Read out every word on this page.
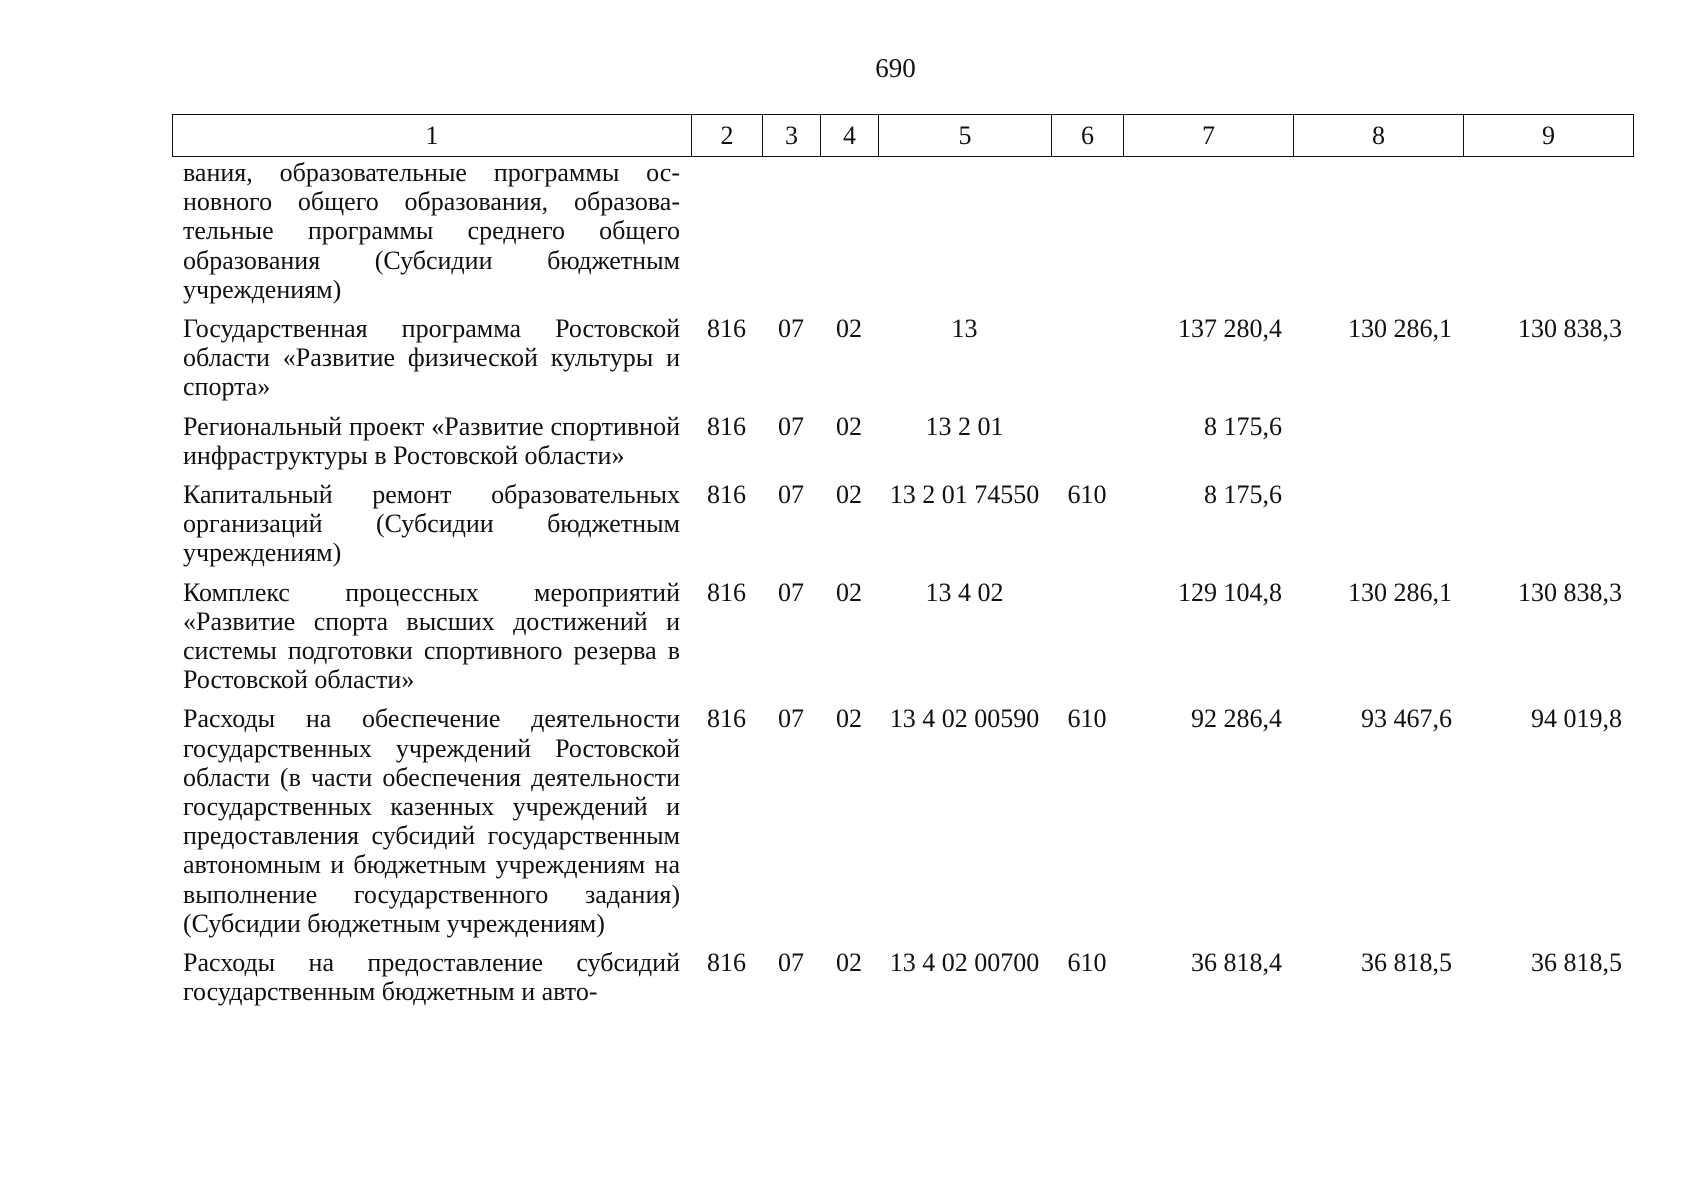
690
1	2	3	4	5	6	7	8	9
вания, образовательные программы основного общего образования, образовательные программы среднего общего образования (Субсидии бюджетным учреждениям)								
Государственная программа Ростовской области «Развитие физической культуры и спорта»	816	07	02	13		137 280,4	130 286,1	130 838,3
Региональный проект «Развитие спортивной инфраструктуры в Ростовской области»	816	07	02	13 2 01		8 175,6		
Капитальный ремонт образовательных организаций (Субсидии бюджетным учреждениям)	816	07	02	13 2 01 74550	610	8 175,6		
Комплекс процессных мероприятий «Развитие спорта высших достижений и системы подготовки спортивного резерва в Ростовской области»	816	07	02	13 4 02		129 104,8	130 286,1	130 838,3
Расходы на обеспечение деятельности государственных учреждений Ростовской области (в части обеспечения деятельности государственных казенных учреждений и предоставления субсидий государственным автономным и бюджетным учреждениям на выполнение государственного задания) (Субсидии бюджетным учреждениям)	816	07	02	13 4 02 00590	610	92 286,4	93 467,6	94 019,8
Расходы на предоставление субсидий государственным бюджетным и авто-	816	07	02	13 4 02 00700	610	36 818,4	36 818,5	36 818,5
